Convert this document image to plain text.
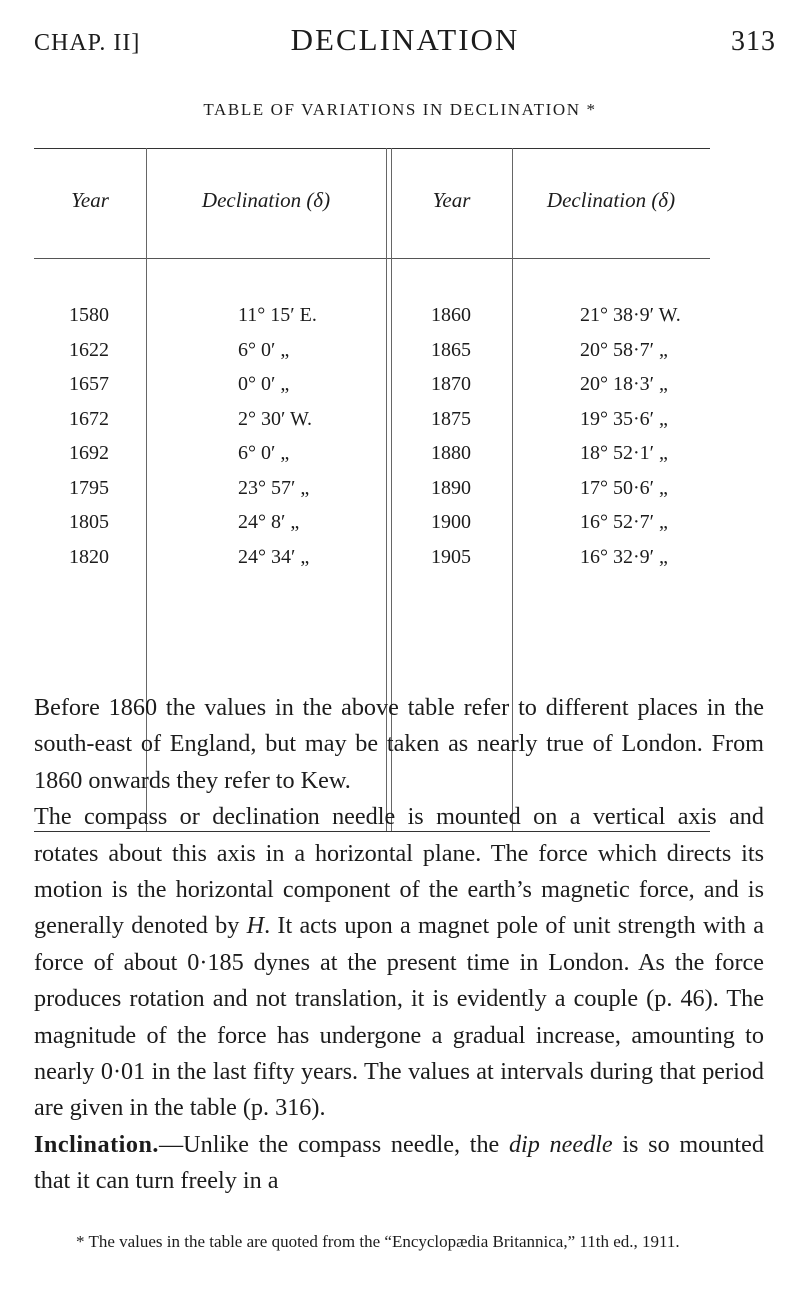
CHAP. II]	DECLINATION	313
TABLE OF VARIATIONS IN DECLINATION *
Year	Declination (δ)	Year	Declination (δ)
1580	11° 15′ E.	1860	21° 38·9′ W.
1622	6° 0′ „	1865	20° 58·7′ „
1657	0° 0′ „	1870	20° 18·3′ „
1672	2° 30′ W.	1875	19° 35·6′ „
1692	6° 0′ „	1880	18° 52·1′ „
1795	23° 57′ „	1890	17° 50·6′ „
1805	24° 8′ „	1900	16° 52·7′ „
1820	24° 34′ „	1905	16° 32·9′ „

Before 1860 the values in the above table refer to different places in the south-east of England, but may be taken as nearly true of London. From 1860 onwards they refer to Kew.

The compass or declination needle is mounted on a vertical axis and rotates about this axis in a horizontal plane. The force which directs its motion is the horizontal component of the earth’s magnetic force, and is generally denoted by H. It acts upon a magnet pole of unit strength with a force of about 0·185 dynes at the present time in London. As the force produces rotation and not translation, it is evidently a couple (p. 46). The magnitude of the force has undergone a gradual increase, amounting to nearly 0·01 in the last fifty years. The values at intervals during that period are given in the table (p. 316).

Inclination.—Unlike the compass needle, the dip needle is so mounted that it can turn freely in a

* The values in the table are quoted from the “Encyclopædia Britannica,” 11th ed., 1911.
